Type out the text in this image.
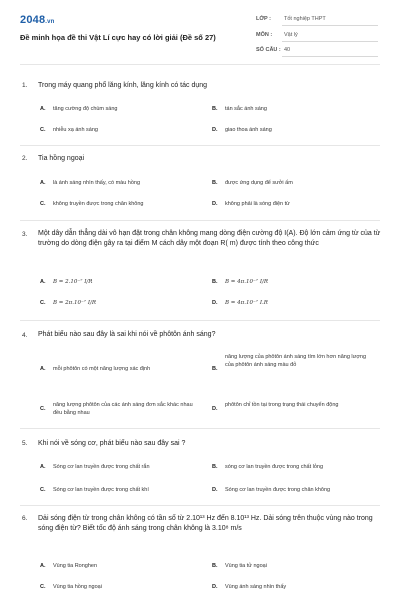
2048.vn
Đề minh họa đề thi Vật Lí cực hay có lời giải (Đề số 27)
LỚP : Tốt nghiệp THPT
MÔN : Vật lý
SỐ CÂU : 40
1. Trong máy quang phổ lăng kính, lăng kính có tác dụng
A. tăng cường độ chùm sáng	B. tán sắc ánh sáng
C. nhiễu xạ ánh sáng	D. giao thoa ánh sáng
2. Tia hồng ngoại
A. là ánh sáng nhìn thấy, có màu hồng	B. được ứng dụng để sưởi ấm
C. không truyền được trong chân không	D. không phải là sóng điện từ
3. Một dây dẫn thẳng dài vô hạn đặt trong chân không mang dòng điện cường độ I(A). Độ lớn cảm ứng từ của từ trường do dòng điện gây ra tại điểm M cách dây một đoạn R( m) được tính theo công thức
A. B = 2.10⁻⁷ I/R	B. B = 4π.10⁻⁷ I/R
C. B = 2π.10⁻⁷ I/R	D. B = 4π.10⁻⁷ I.R
4. Phát biểu nào sau đây là sai khi nói về phôtôn ánh sáng?
A. mỗi phôtôn có một năng lượng xác định	B.
năng lượng của phôtôn ánh sáng tím lớn hơn năng lượng của phôtôn ánh sáng màu đỏ
C.
năng lượng phôtôn của các ánh sáng đơn sắc khác nhau đều bằng nhau
D.
phôtôn chỉ tồn tại trong trạng thái chuyển động
5. Khi nói về sóng cơ, phát biểu nào sau đây sai ?
A. Sóng cơ lan truyền được trong chất rắn	B. sóng cơ lan truyền được trong chất lỏng
C. Sóng cơ lan truyền được trong chất khí	D. Sóng cơ lan truyền được trong chân không
6. Dải sóng điện từ trong chân không có tần số từ 2.10¹³ Hz đến 8.10¹³ Hz. Dải sóng trên thuộc vùng nào trong sóng điện từ? Biết tốc độ ánh sáng trong chân không là 3.10⁸ m/s
A. Vùng tia Ronghen	B. Vùng tia tử ngoại
C. Vùng tia hồng ngoại	D. Vùng ánh sáng nhìn thấy
